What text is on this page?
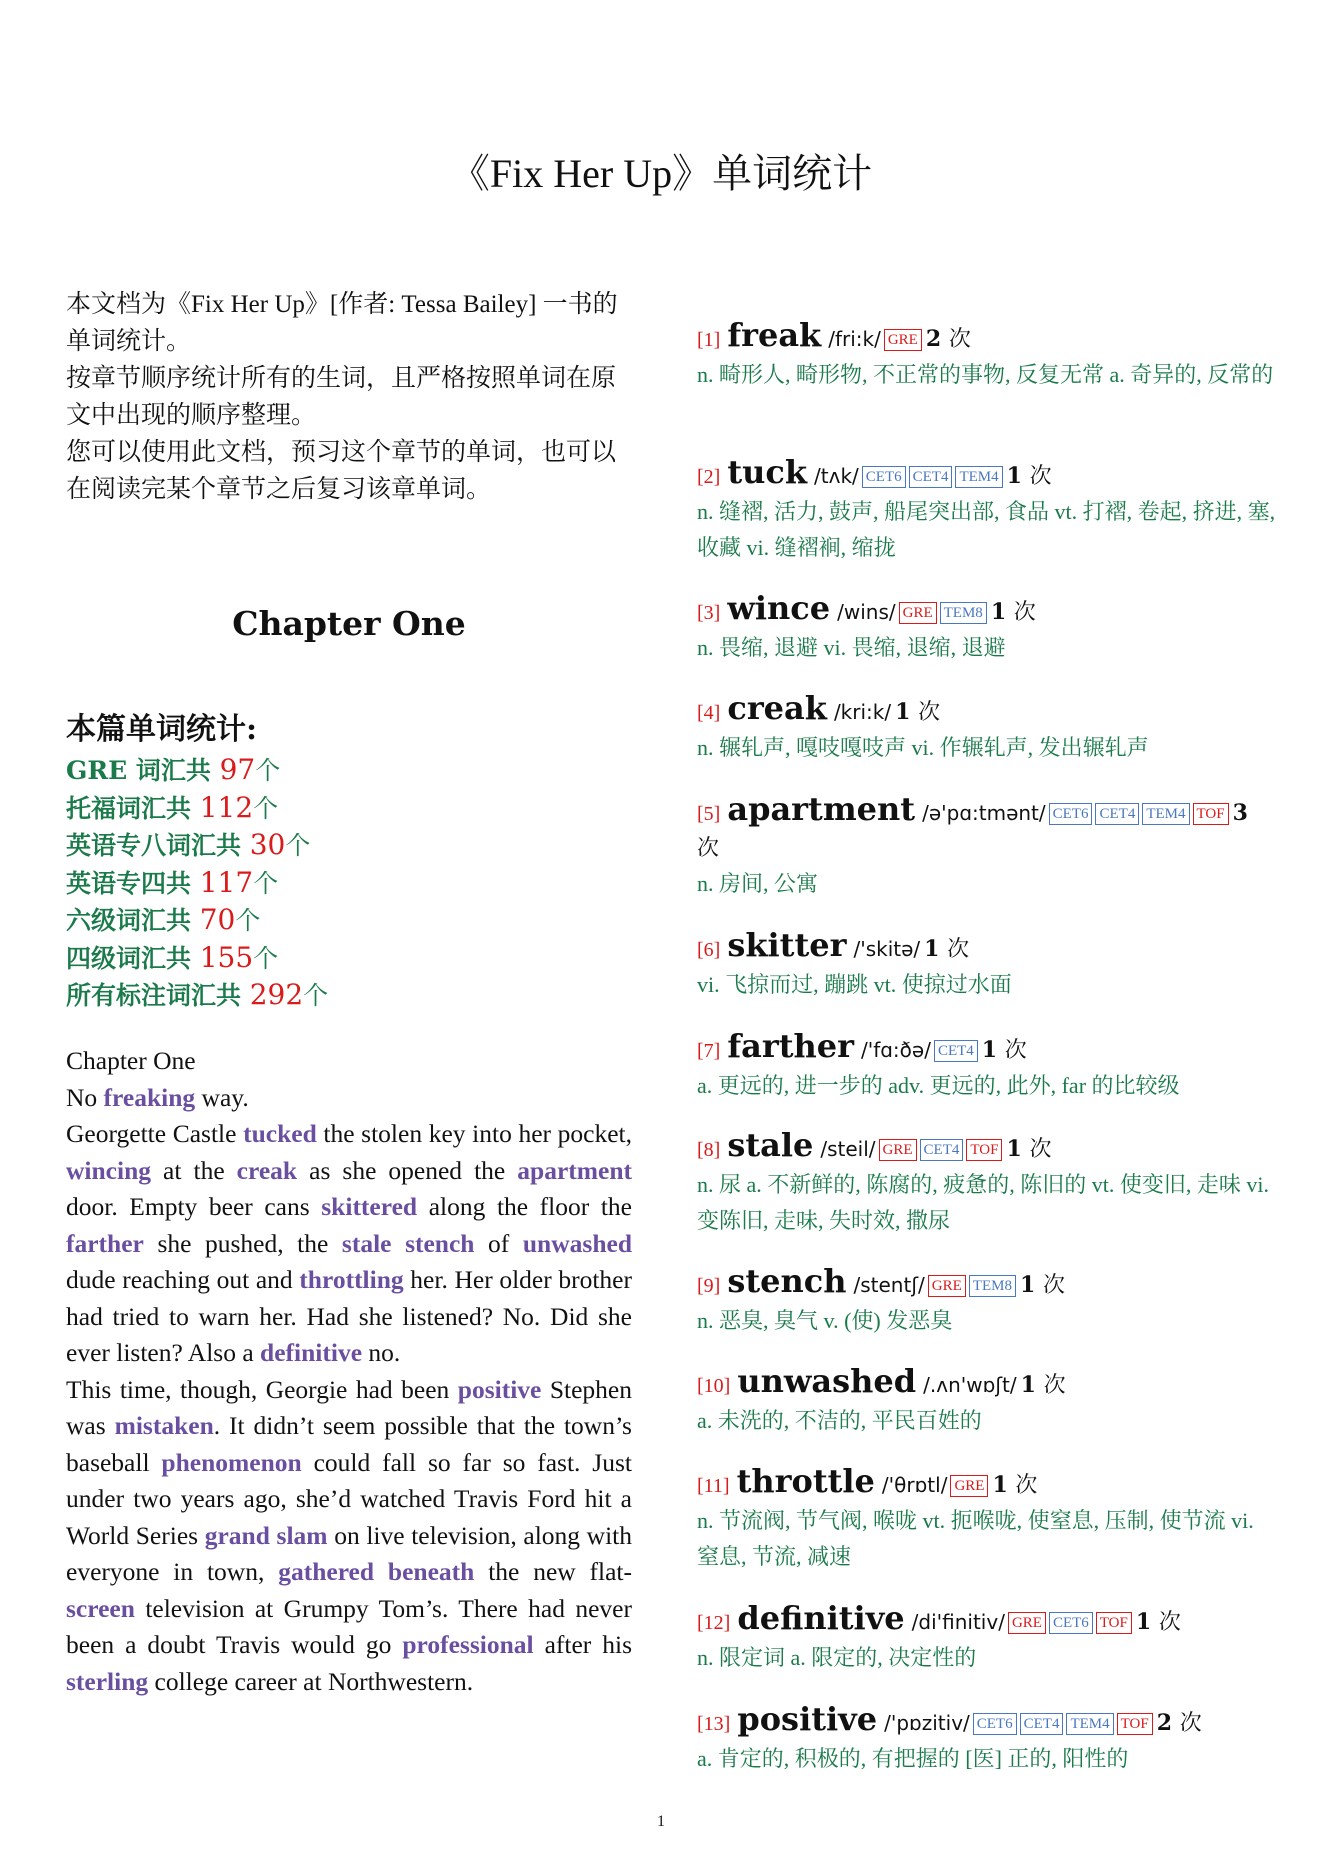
《Fix Her Up》单词统计

本文档为《Fix Her Up》[作者: Tessa Bailey] 一书的单词统计。

按章节顺序统计所有的生词，且严格按照单词在原文中出现的顺序整理。

您可以使用此文档，预习这个章节的单词，也可以在阅读完某个章节之后复习该章单词。

Chapter One
本篇单词统计:
GRE 词汇共 97个
托福词汇共 112个
英语专八词汇共 30个
英语专四共 117个
六级词汇共 70个
四级词汇共 155个
所有标注词汇共 292个

Chapter One

No freaking way.

Georgette Castle tucked the stolen key into her pocket, wincing at the creak as she opened the apartment door. Empty beer cans skittered along the floor the farther she pushed, the stale stench of unwashed dude reaching out and throttling her. Her older brother had tried to warn her. Had she listened? No. Did she ever listen? Also a definitive no.

This time, though, Georgie had been positive Stephen was mistaken. It didn’t seem possible that the town’s baseball phenomenon could fall so far so fast. Just under two years ago, she’d watched Travis Ford hit a World Series grand slam on live television, along with everyone in town, gathered beneath the new flat-screen television at Grumpy Tom’s. There had never been a doubt Travis would go professional after his sterling college career at Northwestern.

[1] freak /fri:k/ GRE 2 次
n. 畸形人, 畸形物, 不正常的事物, 反复无常 a. 奇异的, 反常的
[2] tuck /tʌk/ CET6 CET4 TEM4 1 次
n. 缝褶, 活力, 鼓声, 船尾突出部, 食品 vt. 打褶, 卷起, 挤进, 塞, 收藏 vi. 缝褶裥, 缩拢
[3] wince /wins/ GRE TEM8 1 次
n. 畏缩, 退避 vi. 畏缩, 退缩, 退避
[4] creak /kri:k/ 1 次
n. 辗轧声, 嘎吱嘎吱声 vi. 作辗轧声, 发出辗轧声
[5] apartment /ə'pɑ:tmənt/ CET6 CET4 TEM4 TOF 3 次
n. 房间, 公寓
[6] skitter /'skitə/ 1 次
vi. 飞掠而过, 蹦跳 vt. 使掠过水面
[7] farther /'fɑ:ðə/ CET4 1 次
a. 更远的, 进一步的 adv. 更远的, 此外, far 的比较级
[8] stale /steil/ GRE CET4 TOF 1 次
n. 尿 a. 不新鲜的, 陈腐的, 疲惫的, 陈旧的 vt. 使变旧, 走味 vi. 变陈旧, 走味, 失时效, 撒尿
[9] stench /stentʃ/ GRE TEM8 1 次
n. 恶臭, 臭气 v. (使) 发恶臭
[10] unwashed /.ʌn'wɒʃt/ 1 次
a. 未洗的, 不洁的, 平民百姓的
[11] throttle /'θrɒtl/ GRE 1 次
n. 节流阀, 节气阀, 喉咙 vt. 扼喉咙, 使窒息, 压制, 使节流 vi. 窒息, 节流, 减速
[12] definitive /di'finitiv/ GRE CET6 TOF 1 次
n. 限定词 a. 限定的, 决定性的
[13] positive /'pɒzitiv/ CET6 CET4 TEM4 TOF 2 次
a. 肯定的, 积极的, 有把握的 [医] 正的, 阳性的
1
